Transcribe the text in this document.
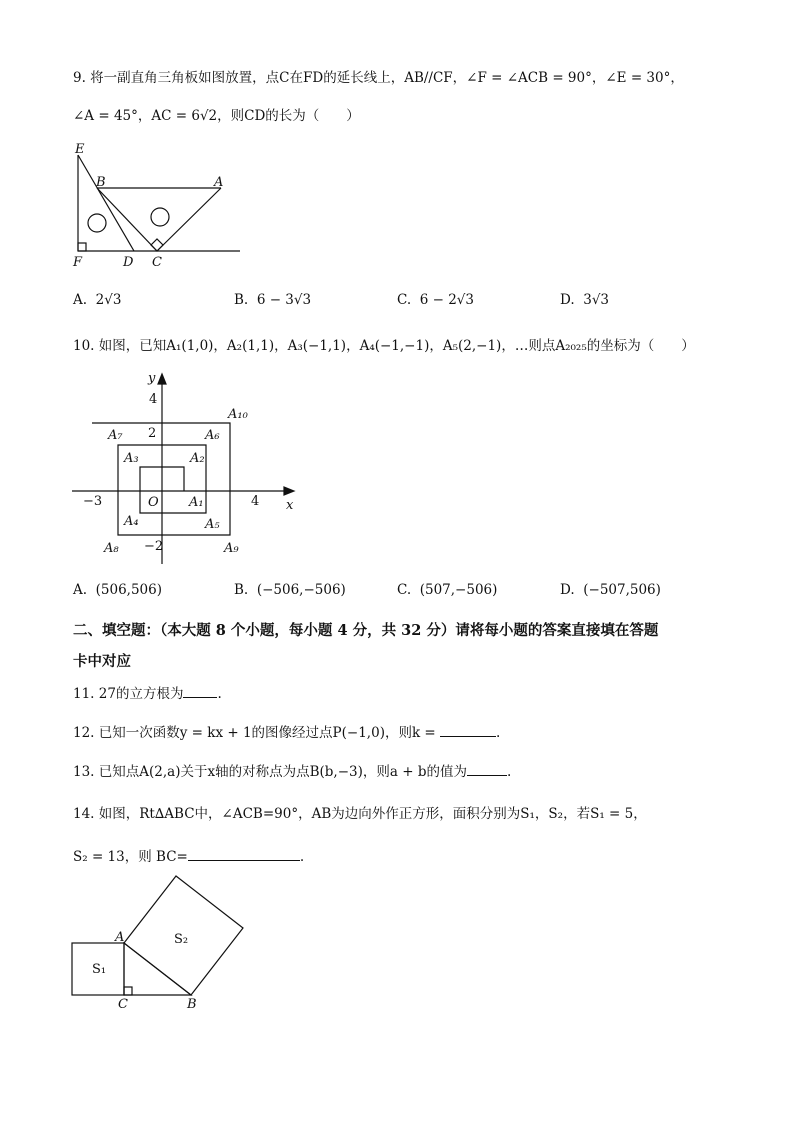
9. 将一副直角三角板如图放置，点C在FD的延长线上，AB//CF，∠F = ∠ACB = 90°，∠E = 30°，
∠A = 45°，AC = 6√2，则CD的长为（　　）
E
B	A
F	D C
A. 2√3	B. 6 − 3√3	C. 6 − 2√3	D. 3√3
10. 如图，已知A₁(1,0)，A₂(1,1)，A₃(−1,1)，A₄(−1,−1)，A₅(2,−1)，…则点A₂₀₂₅的坐标为（　　）
y
x
4
2
−3	4
−2
O A₁
A₂
A₃
A₄	A₅
A₆
A₇
A₈	A₉
A₁₀
A. (506,506)	B. (−506,−506)	C. (507,−506)	D. (−507,506)
二、填空题：（本大题 8 个小题，每小题 4 分，共 32 分）请将每小题的答案直接填在答题
卡中对应
11. 27的立方根为	.
12. 已知一次函数y = kx + 1的图像经过点P(−1,0)，则k =	.
13. 已知点A(2,a)关于x轴的对称点为点B(b,−3)，则a + b的值为	.
14. 如图，Rt∆ABC中，∠ACB=90°，AB为边向外作正方形，面积分别为S₁，S₂，若S₁ = 5，
S₂ = 13，则 BC=	.
A
C	B
S₁
S₂
